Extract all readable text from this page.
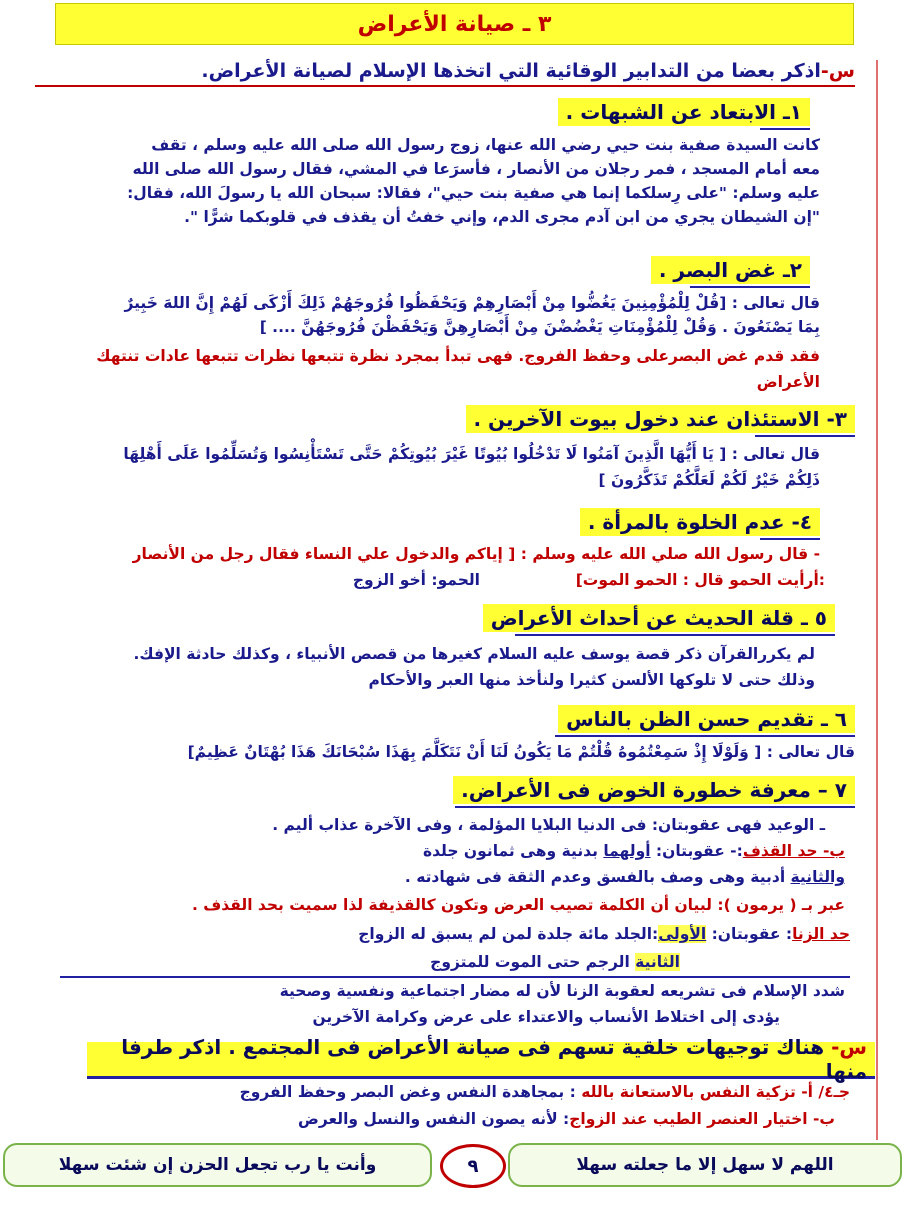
٣ ـ صيانة الأعراض
س-اذكر بعضا من التدابير الوقائية التي اتخذها الإسلام لصيانة الأعراض.
١ـ الابتعاد عن الشبهات .
كانت السيدة صفية بنت حيي رضي الله عنها، زوج رسول الله صلى الله عليه وسلم ، تقف
معه أمام المسجد ، فمر رجلان من الأنصار ، فأسرَعا في المشي، فقال رسول الله صلى الله
عليه وسلم: "على رِسلكما إنما هي صفية بنت حيي"، فقالا: سبحان الله يا رسولَ الله، فقال:
"إن الشيطان يجري من ابن آدم مجرى الدم، وإني خفتُ أن يقذف في قلوبكما شرًّا ".
٢ـ غض البصر .
قال تعالى : [قُلْ لِلْمُؤْمِنِينَ يَغُضُّوا مِنْ أَبْصَارِهِمْ وَيَحْفَظُوا فُرُوجَهُمْ ذَلِكَ أَزْكَى لَهُمْ إِنَّ اللهَ خَبِيرٌ
بِمَا يَصْنَعُونَ . وَقُلْ لِلْمُؤْمِنَاتِ يَغْضُضْنَ مِنْ أَبْصَارِهِنَّ وَيَحْفَظْنَ فُرُوجَهُنَّ .... ]
فقد قدم غض البصرعلى وحفظ الفروج. فهى تبدأ بمجرد نظرة تتبعها نظرات تتبعها عادات تنتهك
الأعراض
٣- الاستئذان عند دخول بيوت الآخرين .
قال تعالى : [ يَا أَيُّهَا الَّذِينَ آمَنُوا لَا تَدْخُلُوا بُيُوتًا غَيْرَ بُيُوتِكُمْ حَتَّى تَسْتَأْنِسُوا وَتُسَلِّمُوا عَلَى أَهْلِهَا
ذَلِكُمْ خَيْرٌ لَكُمْ لَعَلَّكُمْ تَذَكَّرُونَ ]
٤- عدم الخلوة بالمرأة .
- قال رسول الله صلي الله عليه وسلم : [ إياكم والدخول علي النساء فقال رجل من الأنصار
:أرأيت الحمو قال : الحمو الموت]
الحمو: أخو الزوج
٥ ـ قلة الحديث عن أحداث الأعراض
لم يكررالقرآن ذكر قصة يوسف عليه السلام كغيرها من قصص الأنبياء ، وكذلك حادثة الإفك.
وذلك حتى لا تلوكها الألسن كثيرا ولنأخذ منها العبر والأحكام
٦ ـ تقديم حسن الظن بالناس
قال تعالى : [ وَلَوْلَا إِذْ سَمِعْتُمُوهُ قُلْتُمْ مَا يَكُونُ لَنَا أَنْ نَتَكَلَّمَ بِهَذَا سُبْحَانَكَ هَذَا بُهْتَانٌ عَظِيمٌ]
٧ – معرفة خطورة الخوض فى الأعراض.
ـ الوعيد فهى عقوبتان: فى الدنيا البلايا المؤلمة ، وفى الآخرة عذاب أليم .
ب- حد القذف:- عقوبتان: أولهما بدنية وهى ثمانون جلدة
والثانية أدبية وهى وصف بالفسق وعدم الثقة فى شهادته .
عبر بـ ( يرمون ): لبيان أن الكلمة تصيب العرض وتكون كالقذيفة لذا سميت بحد القذف .
حد الزنا: عقوبتان: الأولى:الجلد مائة جلدة لمن لم يسبق له الزواج
الثانية الرجم حتى الموت للمتزوج
شدد الإسلام فى تشريعه لعقوبة الزنا لأن له مضار اجتماعية ونفسية وصحية
يؤدى إلى اختلاط الأنساب والاعتداء على عرض وكرامة الآخرين
س- هناك توجيهات خلقية تسهم فى صيانة الأعراض فى المجتمع . اذكر طرفا منها
جـ٤/ أ- تزكية النفس بالاستعانة بالله : بمجاهدة النفس وغض البصر وحفظ الفروج
ب- اختيار العنصر الطيب عند الزواج: لأنه يصون النفس والنسل والعرض
اللهم لا سهل إلا ما جعلته سهلا
وأنت يا رب تجعل الحزن إن شئت سهلا	٩
